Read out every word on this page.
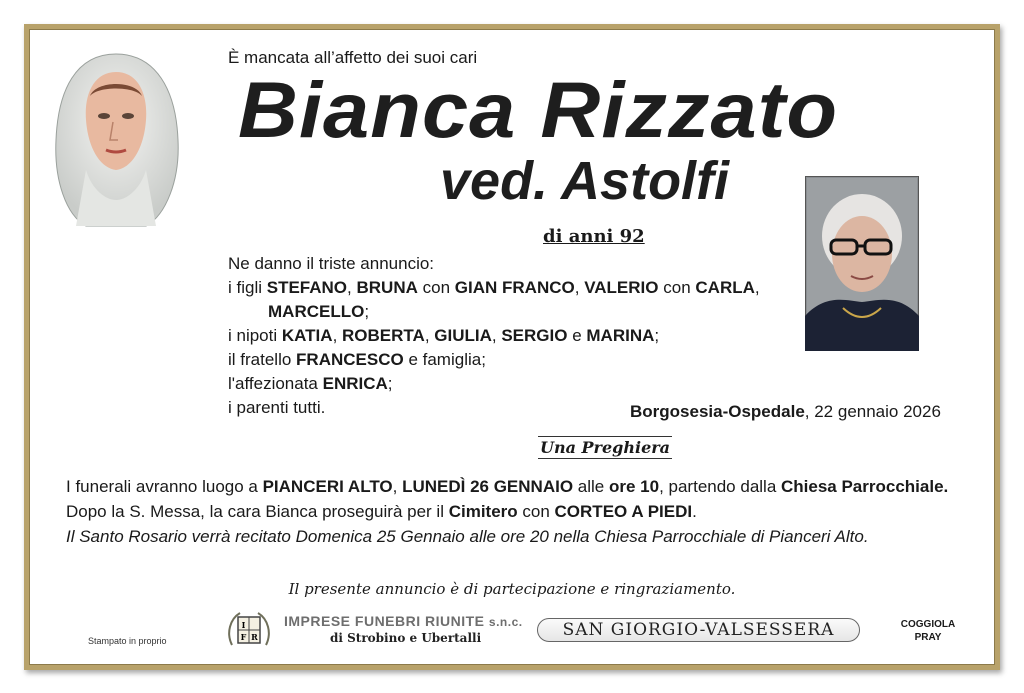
È mancata all’affetto dei suoi cari
Bianca Rizzato
ved. Astolfi
di anni 92
Ne danno il triste annuncio:
i figli STEFANO, BRUNA con GIAN FRANCO, VALERIO con CARLA,
MARCELLO;
i nipoti KATIA, ROBERTA, GIULIA, SERGIO e MARINA;
il fratello FRANCESCO e famiglia;
l'affezionata ENRICA;
i parenti tutti.	Borgosesia-Ospedale, 22 gennaio 2026
Una Preghiera

I funerali avranno luogo a PIANCERI ALTO, LUNEDÌ 26 GENNAIO alle ore 10, partendo dalla Chiesa Parrocchiale.

Dopo la S. Messa, la cara Bianca proseguirà per il Cimitero con CORTEO A PIEDI.

Il Santo Rosario verrà recitato Domenica 25 Gennaio alle ore 20 nella Chiesa Parrocchiale di Pianceri Alto.

Il presente annuncio è di partecipazione e ringraziamento.
Stampato in proprio
I
F R
IMPRESE FUNEBRI RIUNITE s.n.c.
di Strobino e Ubertalli	SAN GIORGIO-VALSESSERA	COGGIOLA
PRAY
